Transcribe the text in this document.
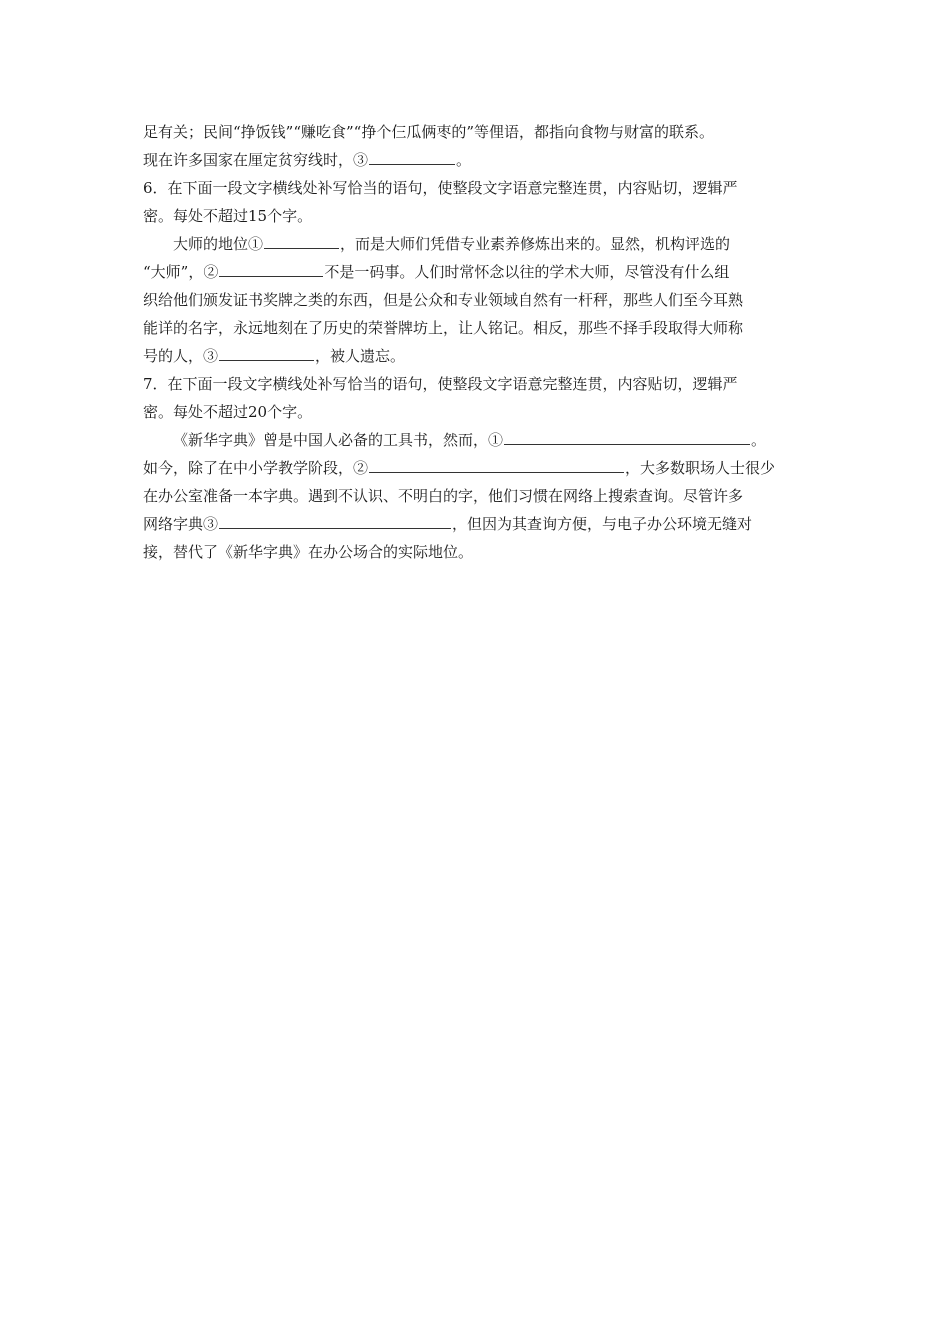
足有关；民间“挣饭钱”“赚吃食”“挣个仨瓜俩枣的”等俚语，都指向食物与财富的联系。
现在许多国家在厘定贫穷线时，③	。
6．在下面一段文字横线处补写恰当的语句，使整段文字语意完整连贯，内容贴切，逻辑严
密。每处不超过15个字。
大师的地位①	，而是大师们凭借专业素养修炼出来的。显然，机构评选的
“大师”，②	不是一码事。人们时常怀念以往的学术大师，尽管没有什么组
织给他们颁发证书奖牌之类的东西，但是公众和专业领域自然有一杆秤，那些人们至今耳熟
能详的名字，永远地刻在了历史的荣誉牌坊上，让人铭记。相反，那些不择手段取得大师称
号的人，③	，被人遗忘。
7．在下面一段文字横线处补写恰当的语句，使整段文字语意完整连贯，内容贴切，逻辑严
密。每处不超过20个字。
《新华字典》曾是中国人必备的工具书，然而，①	。
如今，除了在中小学教学阶段，②	，大多数职场人士很少
在办公室准备一本字典。遇到不认识、不明白的字，他们习惯在网络上搜索查询。尽管许多
网络字典③	，但因为其查询方便，与电子办公环境无缝对
接，替代了《新华字典》在办公场合的实际地位。
